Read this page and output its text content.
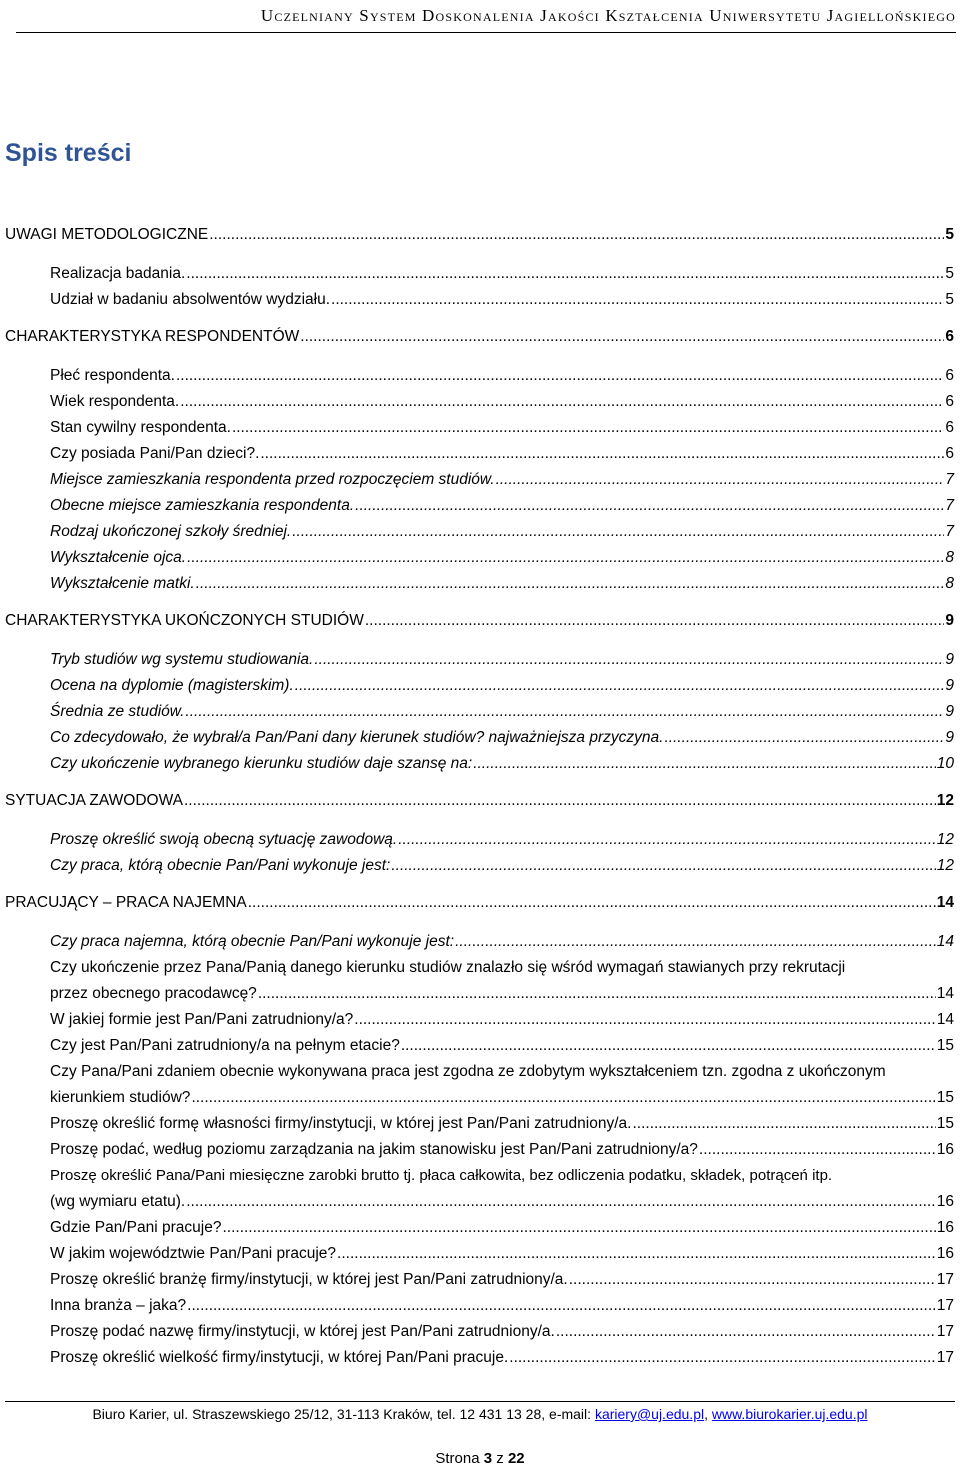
Uczelniany System Doskonalenia Jakości Kształcenia Uniwersytetu Jagiellońskiego
Spis treści
UWAGI METODOLOGICZNE .....	5
Realizacja badania. .....	5
Udział w badaniu absolwentów wydziału. .....	5
CHARAKTERYSTYKA RESPONDENTÓW .....	6
Płeć respondenta. .....	6
Wiek respondenta. .....	6
Stan cywilny respondenta. .....	6
Czy posiada Pani/Pan dzieci?. .....	6
Miejsce zamieszkania respondenta przed rozpoczęciem studiów. .....	7
Obecne miejsce zamieszkania respondenta. .....	7
Rodzaj ukończonej szkoły średniej. .....	7
Wykształcenie ojca. .....	8
Wykształcenie matki. .....	8
CHARAKTERYSTYKA UKOŃCZONYCH STUDIÓW .....	9
Tryb studiów wg systemu studiowania. .....	9
Ocena na dyplomie (magisterskim). .....	9
Średnia ze studiów. .....	9
Co zdecydowało, że wybrał/a Pan/Pani dany kierunek studiów? najważniejsza przyczyna. .....	9
Czy ukończenie wybranego kierunku studiów daje szansę na: .....	10
SYTUACJA ZAWODOWA .....	12
Proszę określić swoją obecną sytuację zawodową. .....	12
Czy praca, którą obecnie Pan/Pani wykonuje jest: .....	12
PRACUJĄCY – PRACA NAJEMNA .....	14
Czy praca najemna, którą obecnie Pan/Pani wykonuje jest: .....	14
Czy ukończenie przez Pana/Panią danego kierunku studiów znalazło się wśród wymagań stawianych przy rekrutacji
przez obecnego pracodawcę? .....	14
W jakiej formie jest Pan/Pani zatrudniony/a? .....	14
Czy jest Pan/Pani zatrudniony/a na pełnym etacie? .....	15
Czy Pana/Pani zdaniem obecnie wykonywana praca jest zgodna ze zdobytym wykształceniem tzn. zgodna z ukończonym
kierunkiem studiów? .....	15
Proszę określić formę własności firmy/instytucji, w której jest Pan/Pani zatrudniony/a. .....	15
Proszę podać, według poziomu zarządzania na jakim stanowisku jest Pan/Pani zatrudniony/a? .....	16
Proszę określić Pana/Pani miesięczne zarobki brutto tj. płaca całkowita, bez odliczenia podatku, składek, potrąceń itp.
(wg wymiaru etatu). .....	16
Gdzie Pan/Pani pracuje? .....	16
W jakim województwie Pan/Pani pracuje? .....	16
Proszę określić branżę firmy/instytucji, w której jest Pan/Pani zatrudniony/a. .....	17
Inna branża – jaka? .....	17
Proszę podać nazwę firmy/instytucji, w której jest Pan/Pani zatrudniony/a. .....	17
Proszę określić wielkość firmy/instytucji, w której Pan/Pani pracuje. .....	17
Biuro Karier, ul. Straszewskiego 25/12, 31-113 Kraków, tel. 12 431 13 28, e-mail: kariery@uj.edu.pl, www.biurokarier.uj.edu.pl
Strona 3 z 22
